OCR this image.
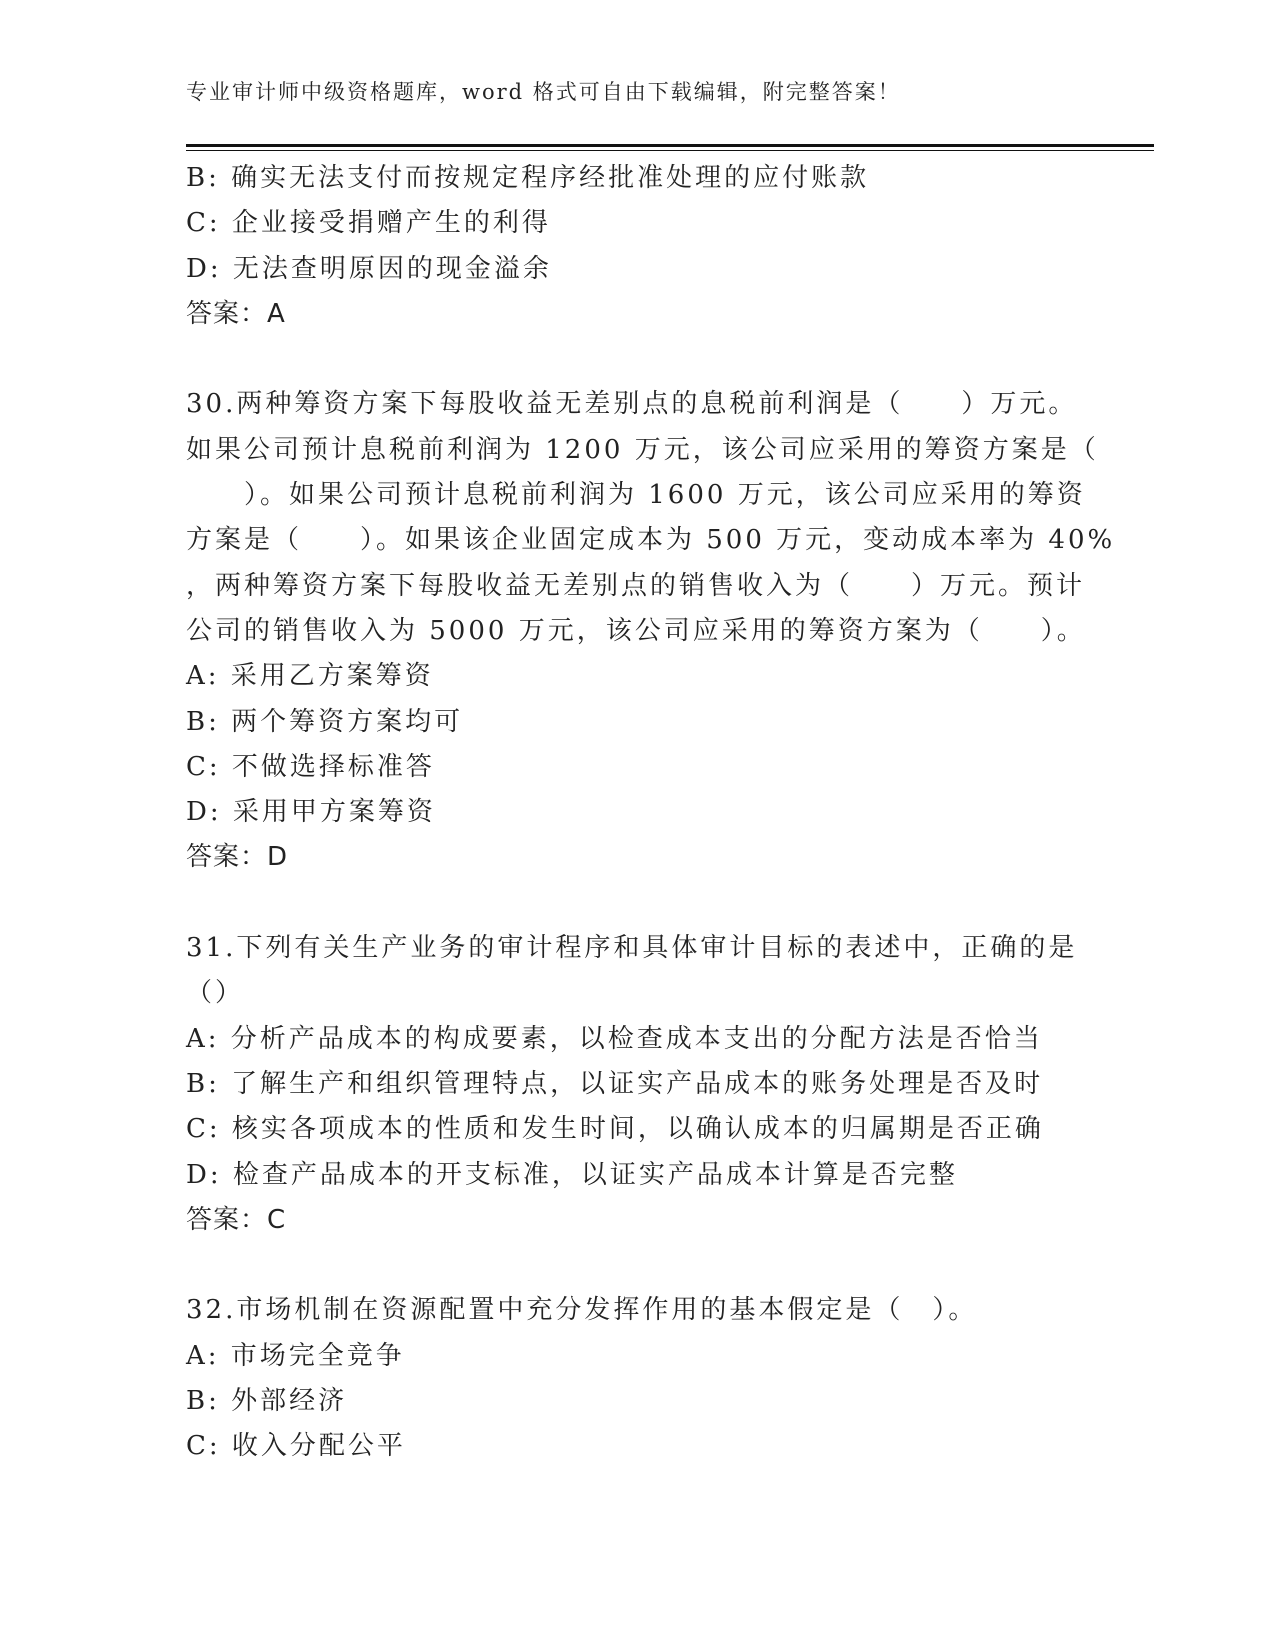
专业审计师中级资格题库，word 格式可自由下载编辑，附完整答案！
B: 确实无法支付而按规定程序经批准处理的应付账款
C: 企业接受捐赠产生的利得
D: 无法查明原因的现金溢余
答案：A
30.两种筹资方案下每股收益无差别点的息税前利润是（　　）万元。
如果公司预计息税前利润为 1200 万元，该公司应采用的筹资方案是（
　　）。如果公司预计息税前利润为 1600 万元，该公司应采用的筹资
方案是（　　）。如果该企业固定成本为 500 万元，变动成本率为 40%
，两种筹资方案下每股收益无差别点的销售收入为（　　）万元。预计
公司的销售收入为 5000 万元，该公司应采用的筹资方案为（　　）。
A: 采用乙方案筹资
B: 两个筹资方案均可
C: 不做选择标准答
D: 采用甲方案筹资
答案：D
31.下列有关生产业务的审计程序和具体审计目标的表述中，正确的是
（）
A: 分析产品成本的构成要素，以检查成本支出的分配方法是否恰当
B: 了解生产和组织管理特点，以证实产品成本的账务处理是否及时
C: 核实各项成本的性质和发生时间，以确认成本的归属期是否正确
D: 检查产品成本的开支标准，以证实产品成本计算是否完整
答案：C
32.市场机制在资源配置中充分发挥作用的基本假定是（　）。
A: 市场完全竞争
B: 外部经济
C: 收入分配公平
